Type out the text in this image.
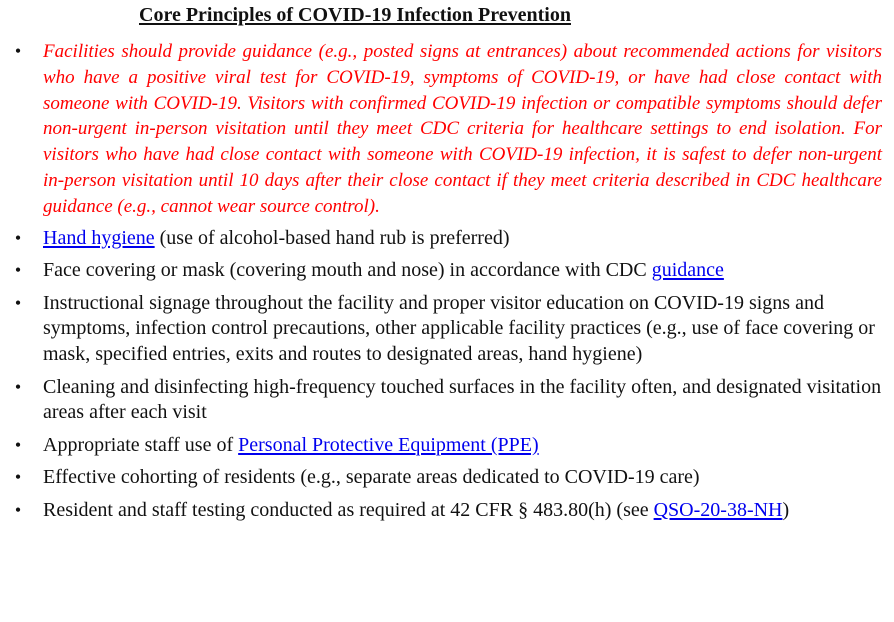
Core Principles of COVID-19 Infection Prevention
•	Facilities should provide guidance (e.g., posted signs at entrances) about recommended actions for visitors who have a positive viral test for COVID-19, symptoms of COVID-19, or have had close contact with someone with COVID-19. Visitors with confirmed COVID-19 infection or compatible symptoms should defer non-urgent in-person visitation until they meet CDC criteria for healthcare settings to end isolation. For visitors who have had close contact with someone with COVID-19 infection, it is safest to defer non-urgent in-person visitation until 10 days after their close contact if they meet criteria described in CDC healthcare guidance (e.g., cannot wear source control).
•	Hand hygiene (use of alcohol-based hand rub is preferred)
•	Face covering or mask (covering mouth and nose) in accordance with CDC guidance
•	Instructional signage throughout the facility and proper visitor education on COVID-19 signs and symptoms, infection control precautions, other applicable facility practices (e.g., use of face covering or mask, specified entries, exits and routes to designated areas, hand hygiene)
•	Cleaning and disinfecting high-frequency touched surfaces in the facility often, and designated visitation areas after each visit
•	Appropriate staff use of Personal Protective Equipment (PPE)
•	Effective cohorting of residents (e.g., separate areas dedicated to COVID-19 care)
•	Resident and staff testing conducted as required at 42 CFR § 483.80(h) (see QSO-20-38-NH)
